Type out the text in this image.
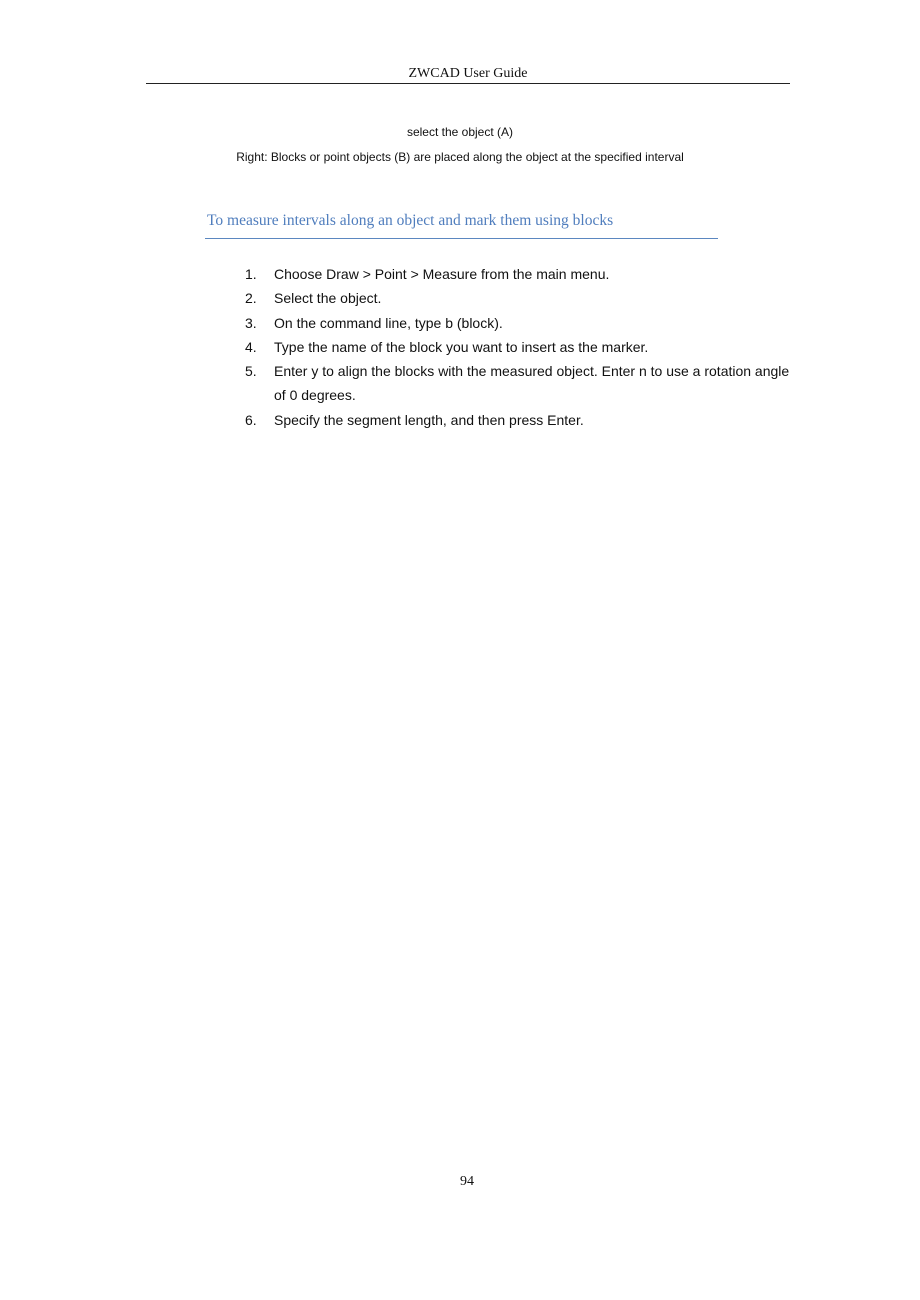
ZWCAD User Guide
select the object (A)
Right: Blocks or point objects (B) are placed along the object at the specified interval
To measure intervals along an object and mark them using blocks
1. Choose Draw > Point > Measure from the main menu.
2. Select the object.
3. On the command line, type b (block).
4. Type the name of the block you want to insert as the marker.
5. Enter y to align the blocks with the measured object. Enter n to use a rotation angle of 0 degrees.
6. Specify the segment length, and then press Enter.
94
